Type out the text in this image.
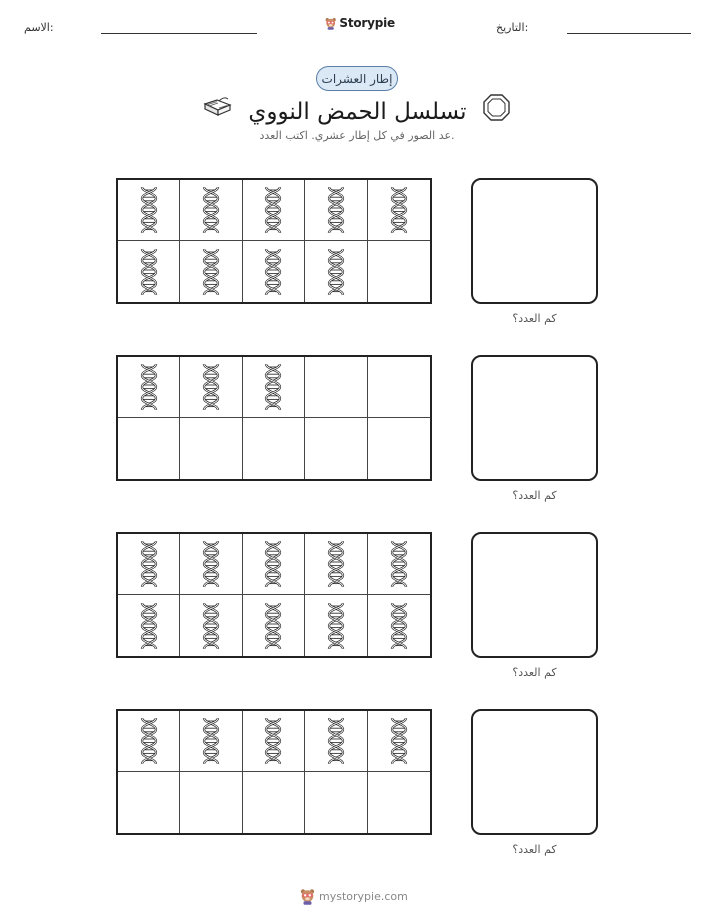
الاسم:	Storypie	التاريخ:
إطار العشرات
تسلسل الحمض النووي
عد الصور في كل إطار عشري. اكتب العدد.
كم العدد؟
كم العدد؟
كم العدد؟
كم العدد؟
mystorypie.com
